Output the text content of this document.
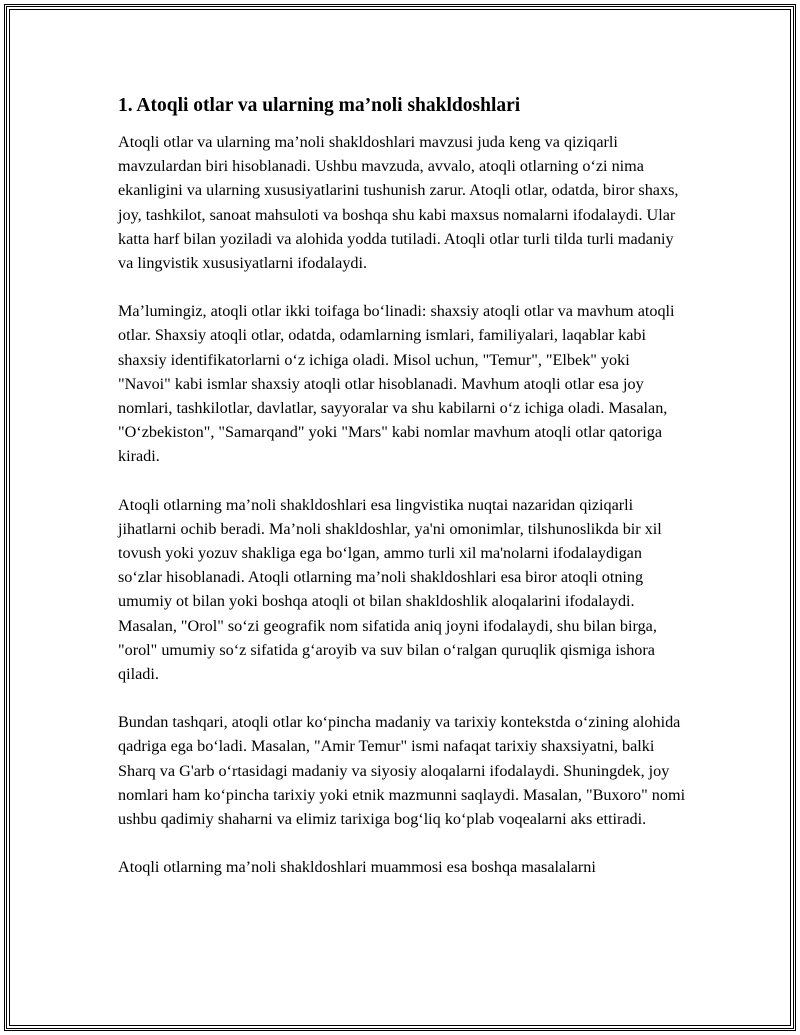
1. Atoqli otlar va ularning ma’noli shakldoshlari

Atoqli otlar va ularning ma’noli shakldoshlari mavzusi juda keng va qiziqarli mavzulardan biri hisoblanadi. Ushbu mavzuda, avvalo, atoqli otlarning o‘zi nima ekanligini va ularning xususiyatlarini tushunish zarur. Atoqli otlar, odatda, biror shaxs, joy, tashkilot, sanoat mahsuloti va boshqa shu kabi maxsus nomalarni ifodalaydi. Ular katta harf bilan yoziladi va alohida yodda tutiladi. Atoqli otlar turli tilda turli madaniy va lingvistik xususiyatlarni ifodalaydi.

Ma’lumingiz, atoqli otlar ikki toifaga bo‘linadi: shaxsiy atoqli otlar va mavhum atoqli otlar. Shaxsiy atoqli otlar, odatda, odamlarning ismlari, familiyalari, laqablar kabi shaxsiy identifikatorlarni o‘z ichiga oladi. Misol uchun, "Temur", "Elbek" yoki "Navoi" kabi ismlar shaxsiy atoqli otlar hisoblanadi. Mavhum atoqli otlar esa joy nomlari, tashkilotlar, davlatlar, sayyoralar va shu kabilarni o‘z ichiga oladi. Masalan, "O‘zbekiston", "Samarqand" yoki "Mars" kabi nomlar mavhum atoqli otlar qatoriga kiradi.

Atoqli otlarning ma’noli shakldoshlari esa lingvistika nuqtai nazaridan qiziqarli jihatlarni ochib beradi. Ma’noli shakldoshlar, ya'ni omonimlar, tilshunoslikda bir xil tovush yoki yozuv shakliga ega bo‘lgan, ammo turli xil ma'nolarni ifodalaydigan so‘zlar hisoblanadi. Atoqli otlarning ma’noli shakldoshlari esa biror atoqli otning umumiy ot bilan yoki boshqa atoqli ot bilan shakldoshlik aloqalarini ifodalaydi. Masalan, "Orol" so‘zi geografik nom sifatida aniq joyni ifodalaydi, shu bilan birga, "orol" umumiy so‘z sifatida g‘aroyib va suv bilan o‘ralgan quruqlik qismiga ishora qiladi.

Bundan tashqari, atoqli otlar ko‘pincha madaniy va tarixiy kontekstda o‘zining alohida qadriga ega bo‘ladi. Masalan, "Amir Temur" ismi nafaqat tarixiy shaxsiyatni, balki Sharq va G'arb o‘rtasidagi madaniy va siyosiy aloqalarni ifodalaydi. Shuningdek, joy nomlari ham ko‘pincha tarixiy yoki etnik mazmunni saqlaydi. Masalan, "Buxoro" nomi ushbu qadimiy shaharni va elimiz tarixiga bog‘liq ko‘plab voqealarni aks ettiradi.

Atoqli otlarning ma’noli shakldoshlari muammosi esa boshqa masalalarni
